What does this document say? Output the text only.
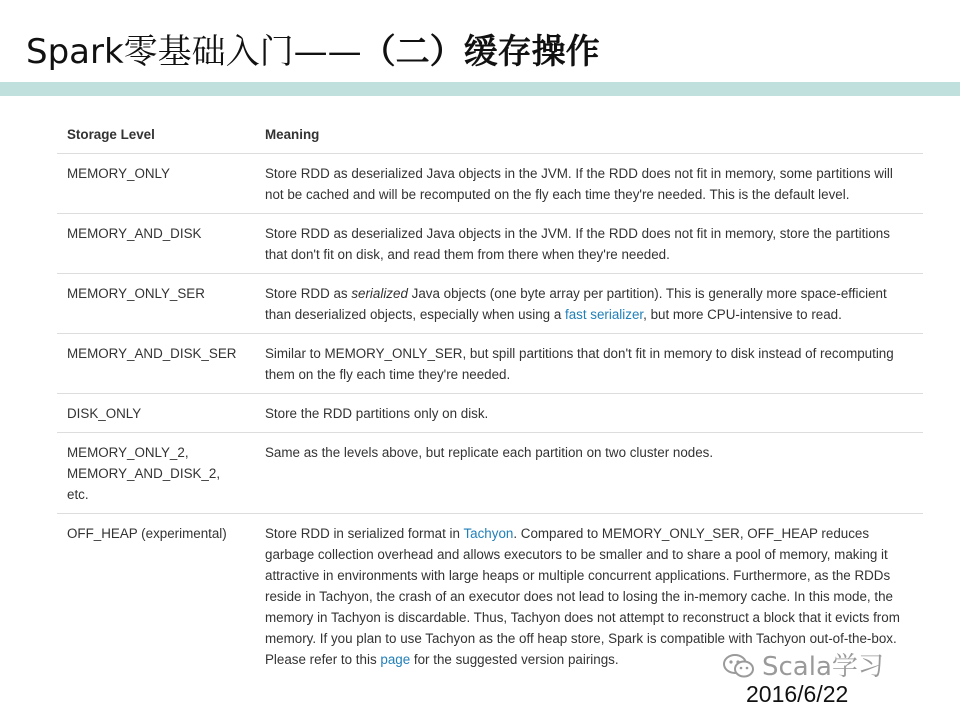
Spark零基础入门——（二）缓存操作
Storage Level	Meaning
MEMORY_ONLY	Store RDD as deserialized Java objects in the JVM. If the RDD does not fit in memory, some partitions will not be cached and will be recomputed on the fly each time they're needed. This is the default level.
MEMORY_AND_DISK	Store RDD as deserialized Java objects in the JVM. If the RDD does not fit in memory, store the partitions that don't fit on disk, and read them from there when they're needed.
MEMORY_ONLY_SER	Store RDD as serialized Java objects (one byte array per partition). This is generally more space-efficient than deserialized objects, especially when using a fast serializer, but more CPU-intensive to read.
MEMORY_AND_DISK_SER	Similar to MEMORY_ONLY_SER, but spill partitions that don't fit in memory to disk instead of recomputing them on the fly each time they're needed.
DISK_ONLY	Store the RDD partitions only on disk.
MEMORY_ONLY_2,
MEMORY_AND_DISK_2, etc.	Same as the levels above, but replicate each partition on two cluster nodes.
OFF_HEAP (experimental)	Store RDD in serialized format in Tachyon. Compared to MEMORY_ONLY_SER, OFF_HEAP reduces garbage collection overhead and allows executors to be smaller and to share a pool of memory, making it attractive in environments with large heaps or multiple concurrent applications. Furthermore, as the RDDs reside in Tachyon, the crash of an executor does not lead to losing the in-memory cache. In this mode, the memory in Tachyon is discardable. Thus, Tachyon does not attempt to reconstruct a block that it evicts from memory. If you plan to use Tachyon as the off heap store, Spark is compatible with Tachyon out-of-the-box. Please refer to this page for the suggested version pairings.	Scala学习
2016/6/22
